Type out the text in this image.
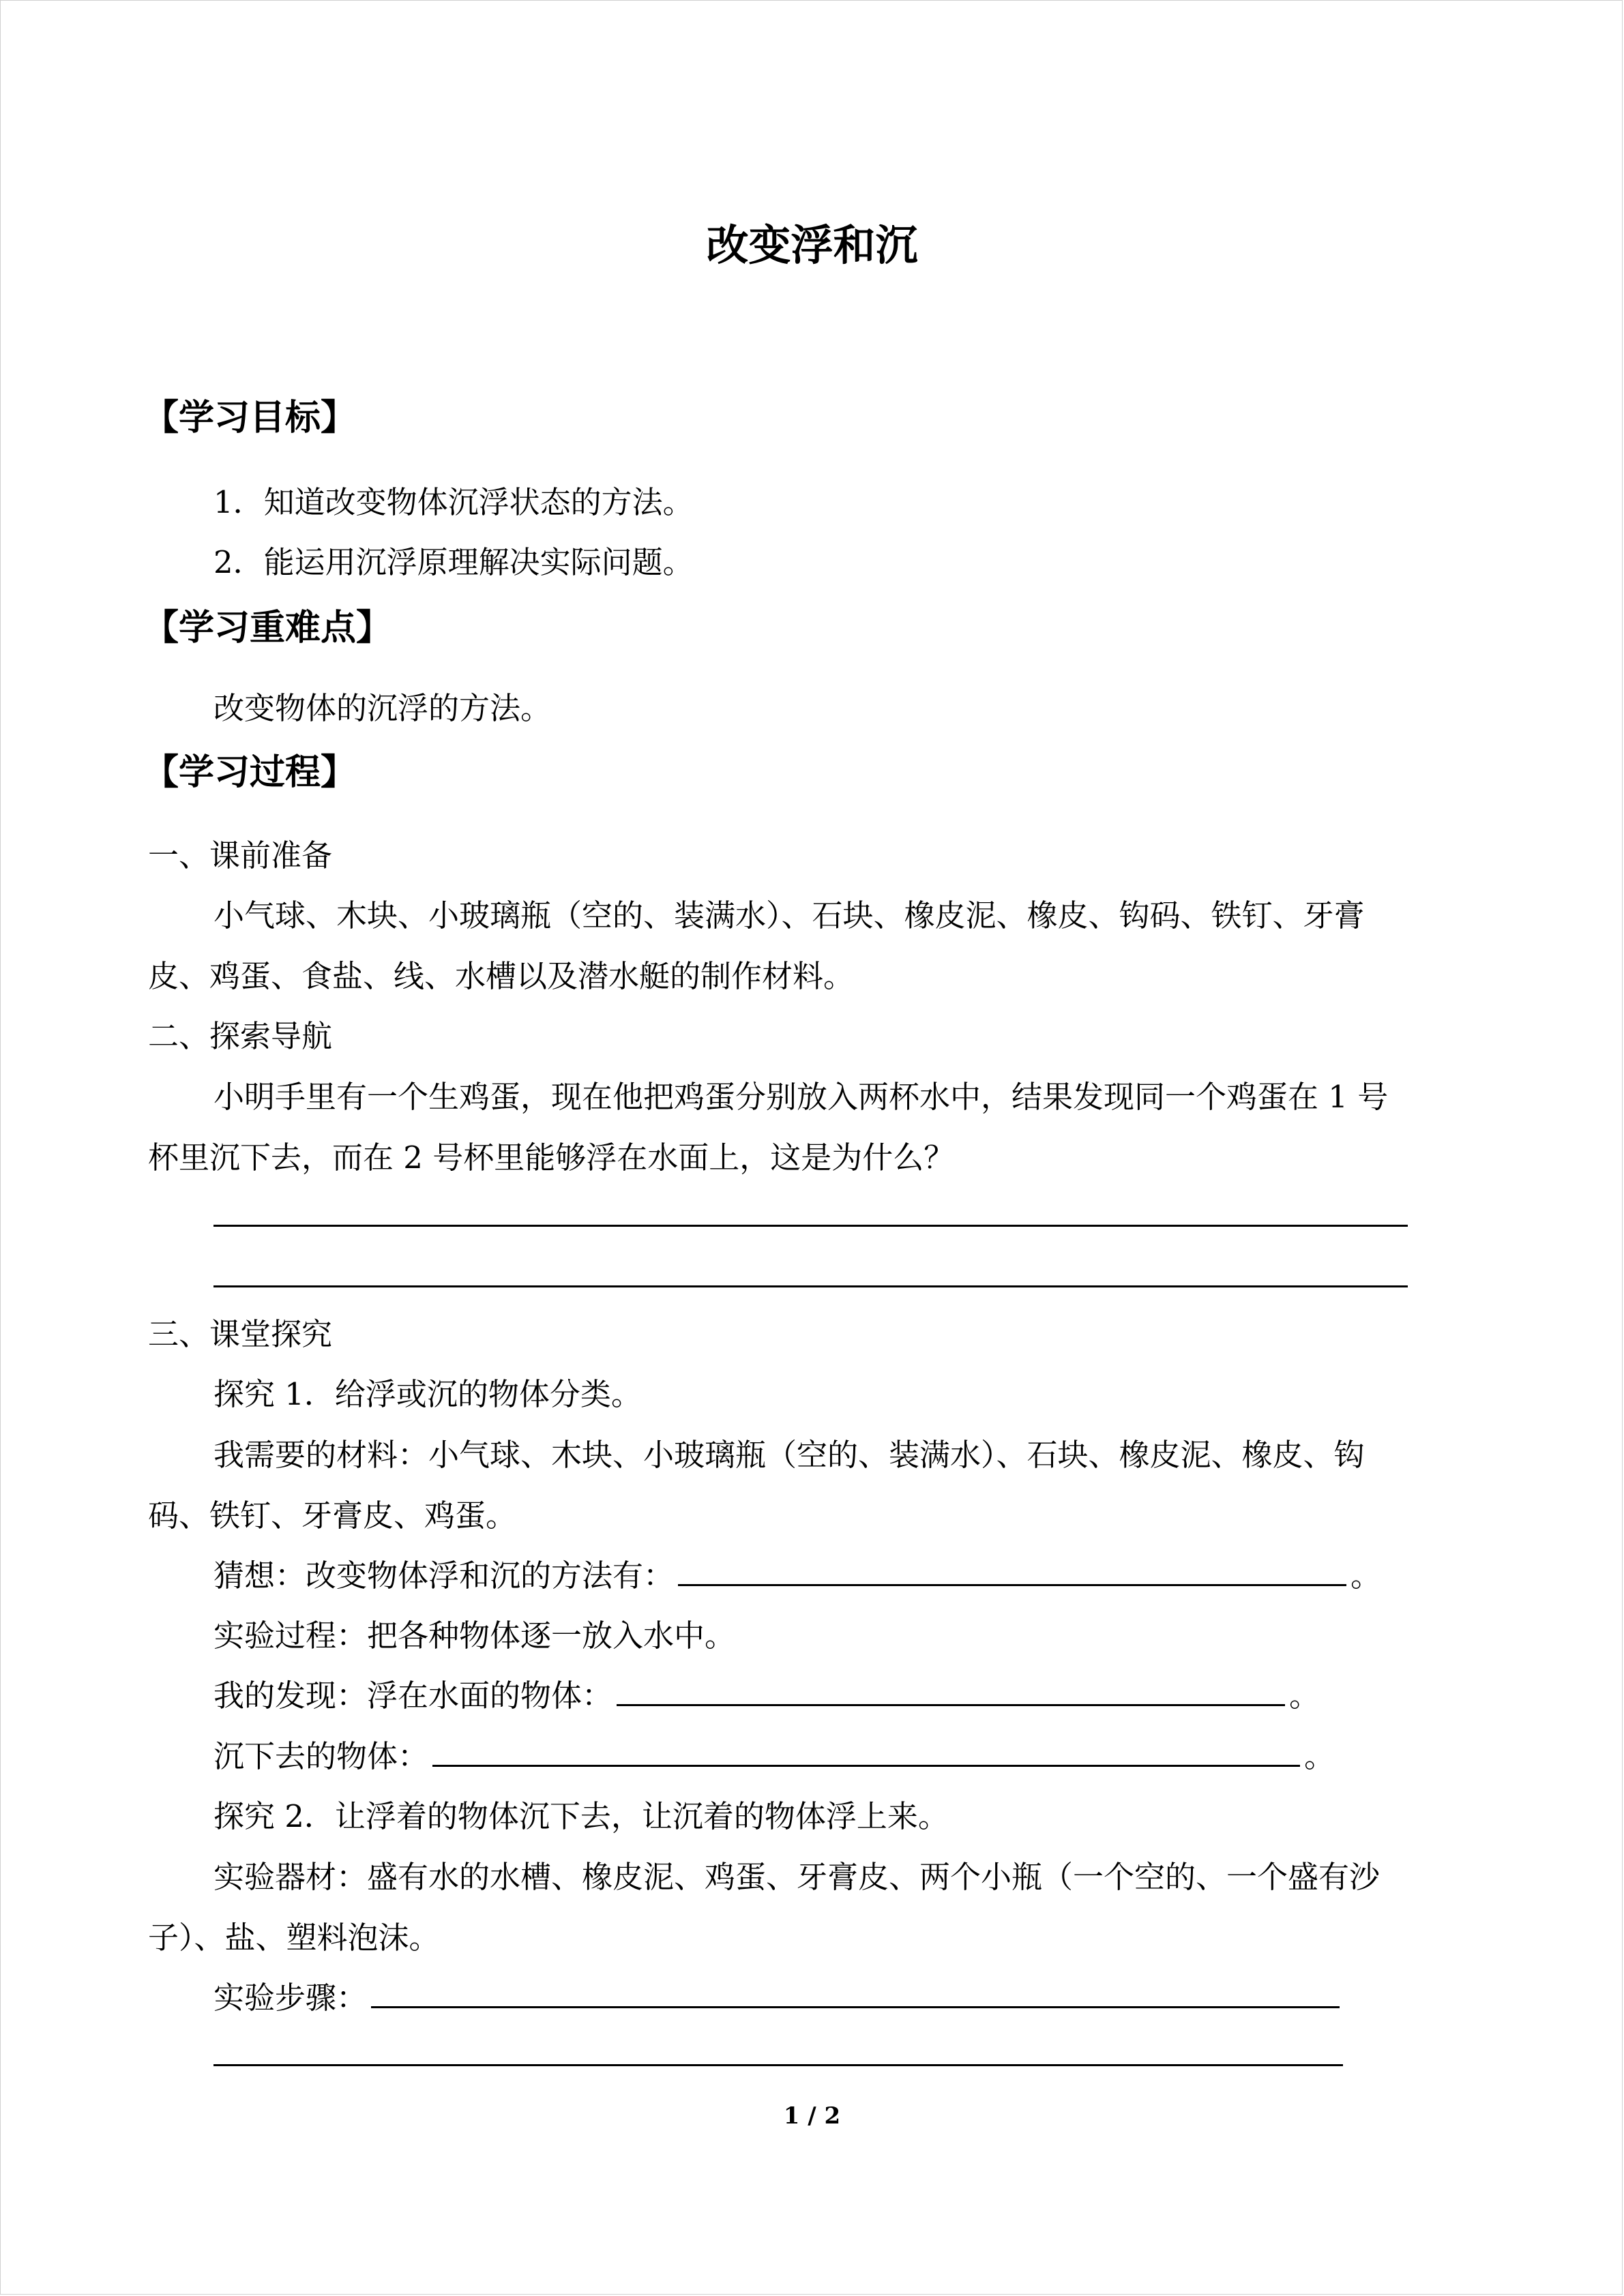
改变浮和沉
【学习目标】
1．知道改变物体沉浮状态的方法。
2．能运用沉浮原理解决实际问题。
【学习重难点】
改变物体的沉浮的方法。
【学习过程】
一、课前准备
小气球、木块、小玻璃瓶（空的、装满水）、石块、橡皮泥、橡皮、钩码、铁钉、牙膏
皮、鸡蛋、食盐、线、水槽以及潜水艇的制作材料。
二、探索导航
小明手里有一个生鸡蛋，现在他把鸡蛋分别放入两杯水中，结果发现同一个鸡蛋在 1 号
杯里沉下去，而在 2 号杯里能够浮在水面上，这是为什么？
三、课堂探究
探究 1．给浮或沉的物体分类。
我需要的材料：小气球、木块、小玻璃瓶（空的、装满水）、石块、橡皮泥、橡皮、钩
码、铁钉、牙膏皮、鸡蛋。
猜想：改变物体浮和沉的方法有：	。
实验过程：把各种物体逐一放入水中。
我的发现：浮在水面的物体：	。
沉下去的物体：	。
探究 2．让浮着的物体沉下去，让沉着的物体浮上来。
实验器材：盛有水的水槽、橡皮泥、鸡蛋、牙膏皮、两个小瓶（一个空的、一个盛有沙
子）、盐、塑料泡沫。
实验步骤：
1 / 2
